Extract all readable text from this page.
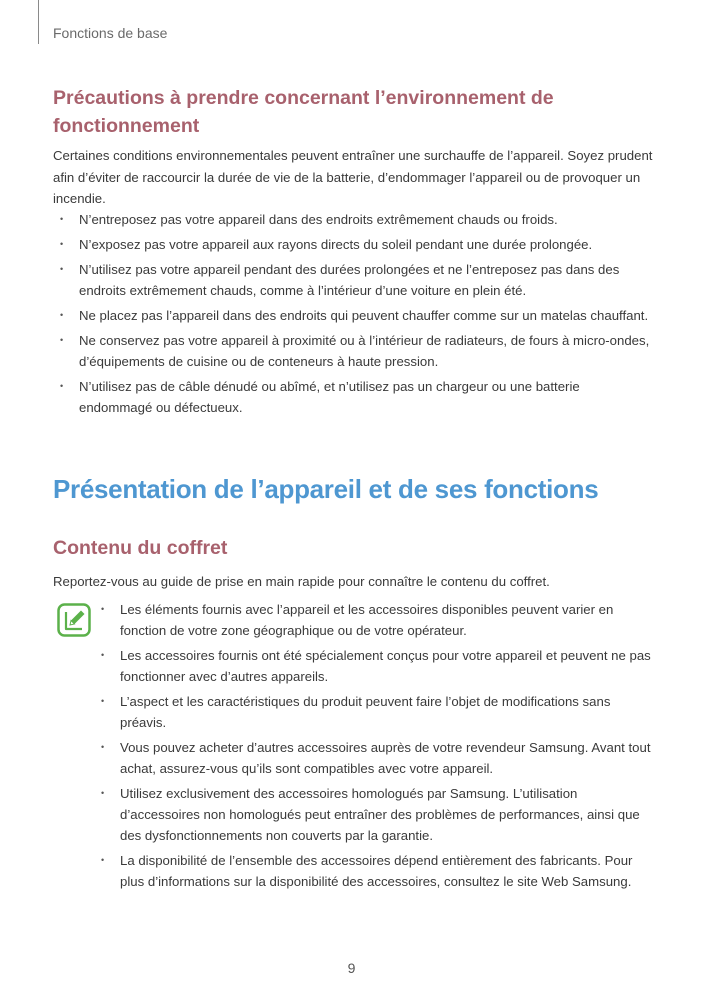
Fonctions de base
Précautions à prendre concernant l’environnement de fonctionnement

Certaines conditions environnementales peuvent entraîner une surchauffe de l’appareil. Soyez prudent afin d’éviter de raccourcir la durée de vie de la batterie, d’endommager l’appareil ou de provoquer un incendie.

• N’entreposez pas votre appareil dans des endroits extrêmement chauds ou froids.
• N’exposez pas votre appareil aux rayons directs du soleil pendant une durée prolongée.
• N’utilisez pas votre appareil pendant des durées prolongées et ne l’entreposez pas dans des endroits extrêmement chauds, comme à l’intérieur d’une voiture en plein été.
• Ne placez pas l’appareil dans des endroits qui peuvent chauffer comme sur un matelas chauffant.
• Ne conservez pas votre appareil à proximité ou à l’intérieur de radiateurs, de fours à micro-ondes, d’équipements de cuisine ou de conteneurs à haute pression.
• N’utilisez pas de câble dénudé ou abîmé, et n’utilisez pas un chargeur ou une batterie endommagé ou défectueux.
Présentation de l’appareil et de ses fonctions
Contenu du coffret

Reportez-vous au guide de prise en main rapide pour connaître le contenu du coffret.

• Les éléments fournis avec l’appareil et les accessoires disponibles peuvent varier en fonction de votre zone géographique ou de votre opérateur.
• Les accessoires fournis ont été spécialement conçus pour votre appareil et peuvent ne pas fonctionner avec d’autres appareils.
• L’aspect et les caractéristiques du produit peuvent faire l’objet de modifications sans préavis.
• Vous pouvez acheter d’autres accessoires auprès de votre revendeur Samsung. Avant tout achat, assurez-vous qu’ils sont compatibles avec votre appareil.
• Utilisez exclusivement des accessoires homologués par Samsung. L’utilisation d’accessoires non homologués peut entraîner des problèmes de performances, ainsi que des dysfonctionnements non couverts par la garantie.
• La disponibilité de l’ensemble des accessoires dépend entièrement des fabricants. Pour plus d’informations sur la disponibilité des accessoires, consultez le site Web Samsung.
9
